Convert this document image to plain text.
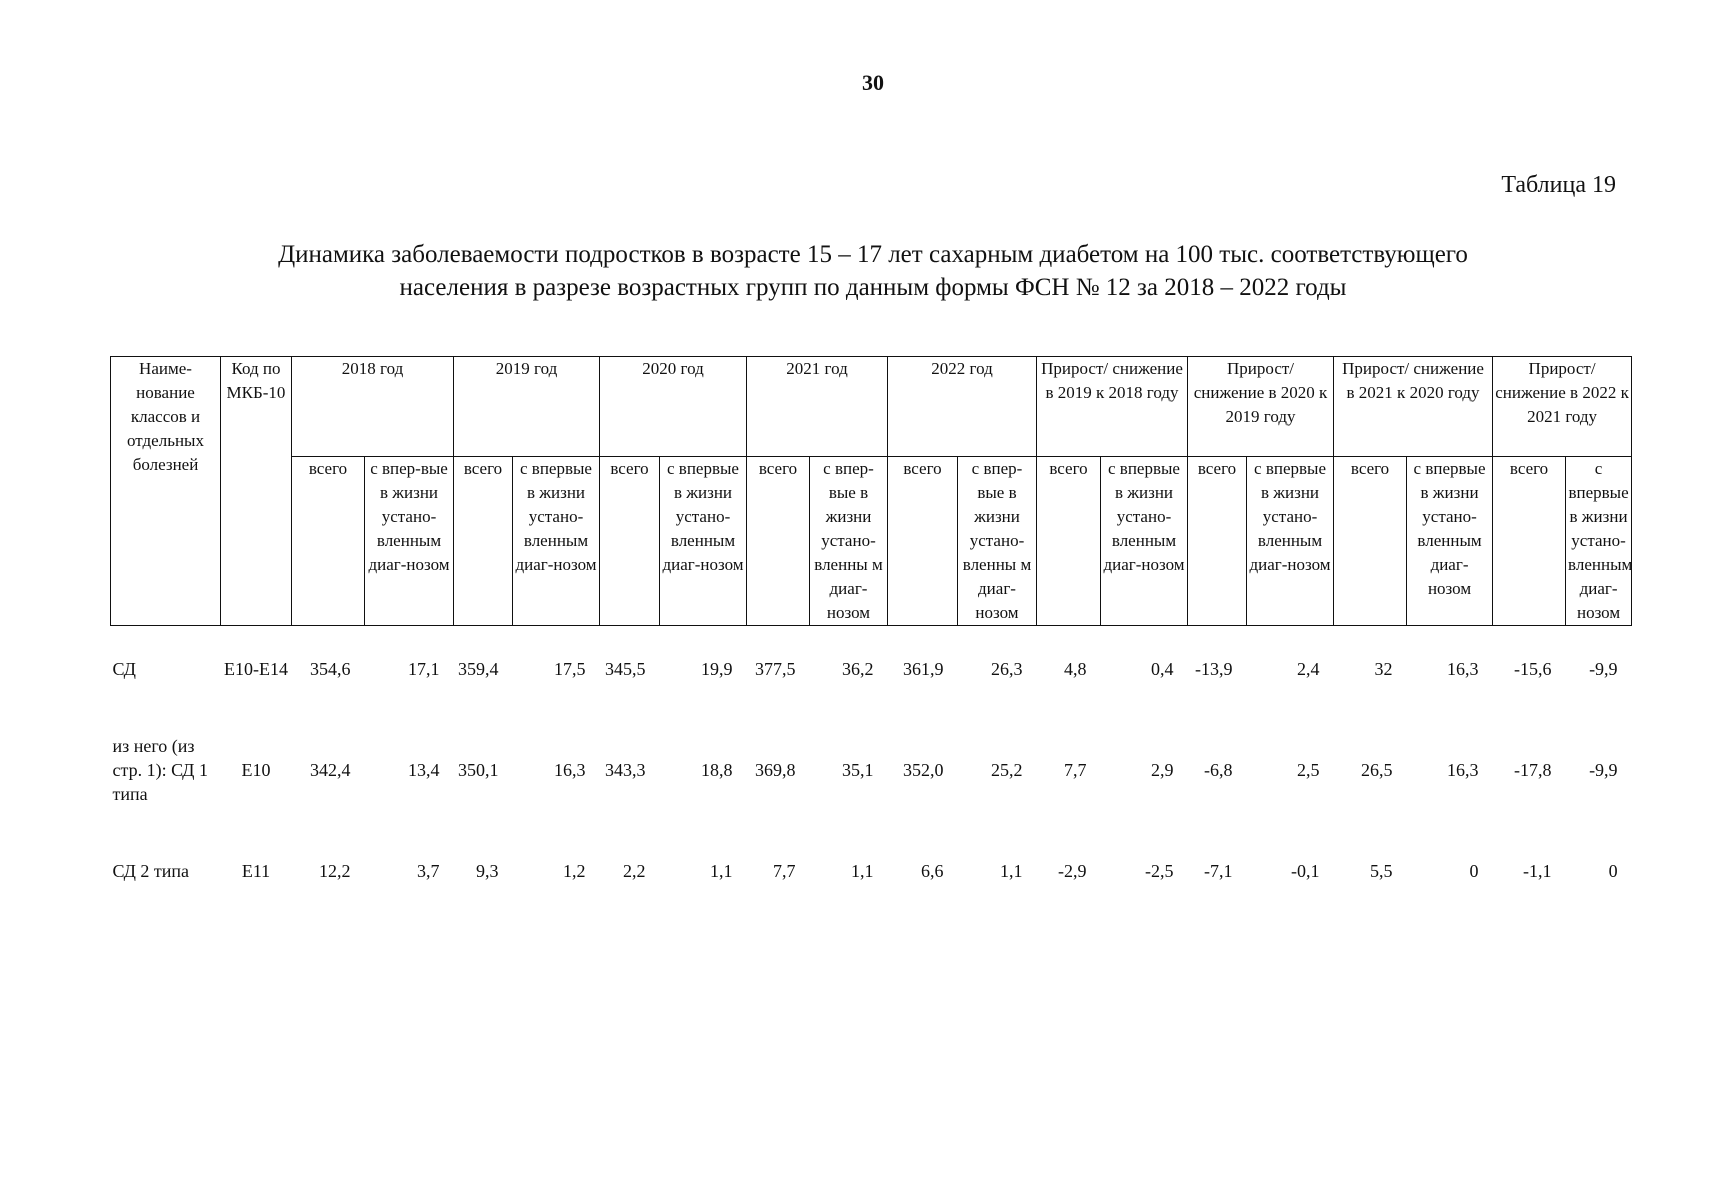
30
Таблица 19
Динамика заболеваемости подростков в возрасте 15 – 17 лет сахарным диабетом на 100 тыс. соответствующего
населения в разрезе возрастных групп по данным формы ФСН № 12 за 2018 – 2022 годы
Наиме-нование классов и отдельных болезней	Код по МКБ-10	2018 год		2019 год		2020 год		2021 год		2022 год		Прирост/ снижение в 2019 к 2018 году		Прирост/ снижение в 2020 к 2019 году		Прирост/ снижение в 2021 к 2020 году		Прирост/ снижение в 2022 к 2021 году	
		всего	с впер-вые в жизни устано-вленным диаг-нозом	всего	с впервые в жизни устано-вленным диаг-нозом	всего	с впервые в жизни устано-вленным диаг-нозом	всего	с впер-вые в жизни устано-вленны м диаг-нозом	всего	с впер-вые в жизни устано-вленны м диаг-нозом	всего	с впервые в жизни устано-вленным диаг-нозом	всего	с впервые в жизни устано-вленным диаг-нозом	всего	с впервые в жизни устано-вленным диаг-нозом	всего	с впервые в жизни устано-вленным диаг-нозом
СД	Е10-Е14	354,6	17,1	359,4	17,5	345,5	19,9	377,5	36,2	361,9	26,3	4,8	0,4	-13,9	2,4	32	16,3	-15,6	-9,9
из него (из стр. 1): СД 1 типа	Е10	342,4	13,4	350,1	16,3	343,3	18,8	369,8	35,1	352,0	25,2	7,7	2,9	-6,8	2,5	26,5	16,3	-17,8	-9,9
СД 2 типа	Е11	12,2	3,7	9,3	1,2	2,2	1,1	7,7	1,1	6,6	1,1	-2,9	-2,5	-7,1	-0,1	5,5	0	-1,1	0
